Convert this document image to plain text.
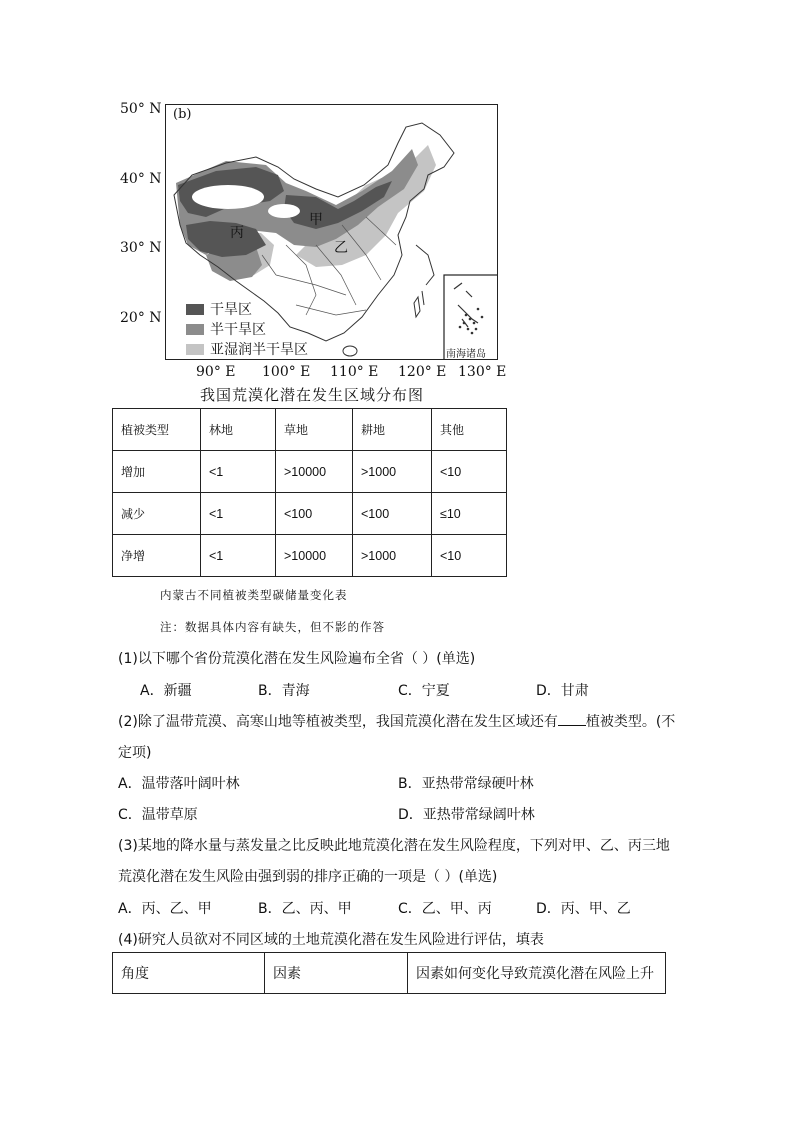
50° N
40° N
30° N
20° N
(b)
甲
丙
乙
南海诸岛
干旱区
半干旱区
亚湿润半干旱区
90° E 100° E 110° E 120° E 130° E
我国荒漠化潜在发生区域分布图
植被类型	林地	草地	耕地	其他
增加	<1	>10000	>1000	<10
减少	<1	<100	<100	≤10
净增	<1	>10000	>1000	<10
内蒙古不同植被类型碳储量变化表
注：数据具体内容有缺失，但不影的作答
(1)以下哪个省份荒漠化潜在发生风险遍布全省（ ）(单选)
A．新疆	B．青海	C．宁夏	D．甘肃
(2)除了温带荒漠、高寒山地等植被类型，我国荒漠化潜在发生区域还有 植被类型。(不
定项)
A．温带落叶阔叶林	B．亚热带常绿硬叶林
C．温带草原	D．亚热带常绿阔叶林
(3)某地的降水量与蒸发量之比反映此地荒漠化潜在发生风险程度，下列对甲、乙、丙三地
荒漠化潜在发生风险由强到弱的排序正确的一项是（ ）(单选)
A．丙、乙、甲	B．乙、丙、甲	C．乙、甲、丙	D．丙、甲、乙
(4)研究人员欲对不同区域的土地荒漠化潜在发生风险进行评估，填表
角度	因素	因素如何变化导致荒漠化潜在风险上升
